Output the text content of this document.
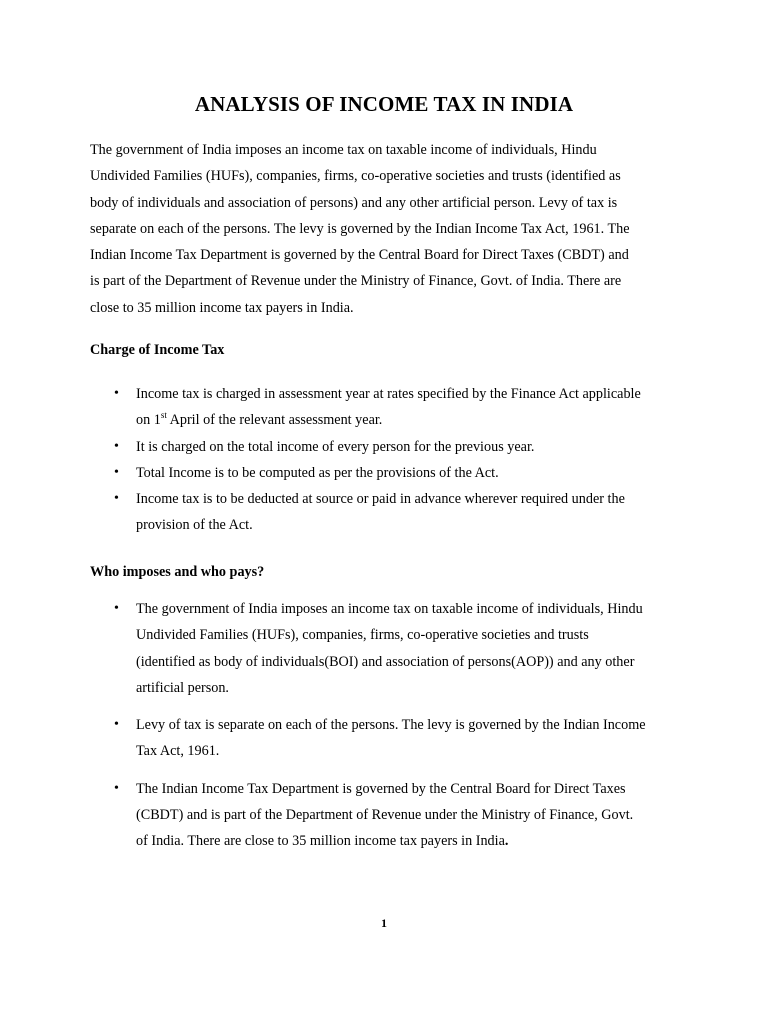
ANALYSIS OF INCOME TAX IN INDIA
The government of India imposes an income tax on taxable income of individuals, Hindu
Undivided Families (HUFs), companies, firms, co-operative societies and trusts (identified as
body of individuals and association of persons) and any other artificial person. Levy of tax is
separate on each of the persons. The levy is governed by the Indian Income Tax Act, 1961. The
Indian Income Tax Department is governed by the Central Board for Direct Taxes (CBDT) and
is part of the Department of Revenue under the Ministry of Finance, Govt. of India. There are
close to 35 million income tax payers in India.
Charge of Income Tax
• Income tax is charged in assessment year at rates specified by the Finance Act applicable
on 1st April of the relevant assessment year.
• It is charged on the total income of every person for the previous year.
• Total Income is to be computed as per the provisions of the Act.
• Income tax is to be deducted at source or paid in advance wherever required under the
provision of the Act.
Who imposes and who pays?
• The government of India imposes an income tax on taxable income of individuals, Hindu
Undivided Families (HUFs), companies, firms, co-operative societies and trusts
(identified as body of individuals(BOI) and association of persons(AOP)) and any other
artificial person.
• Levy of tax is separate on each of the persons. The levy is governed by the Indian Income
Tax Act, 1961.
• The Indian Income Tax Department is governed by the Central Board for Direct Taxes
(CBDT) and is part of the Department of Revenue under the Ministry of Finance, Govt.
of India. There are close to 35 million income tax payers in India.
1
